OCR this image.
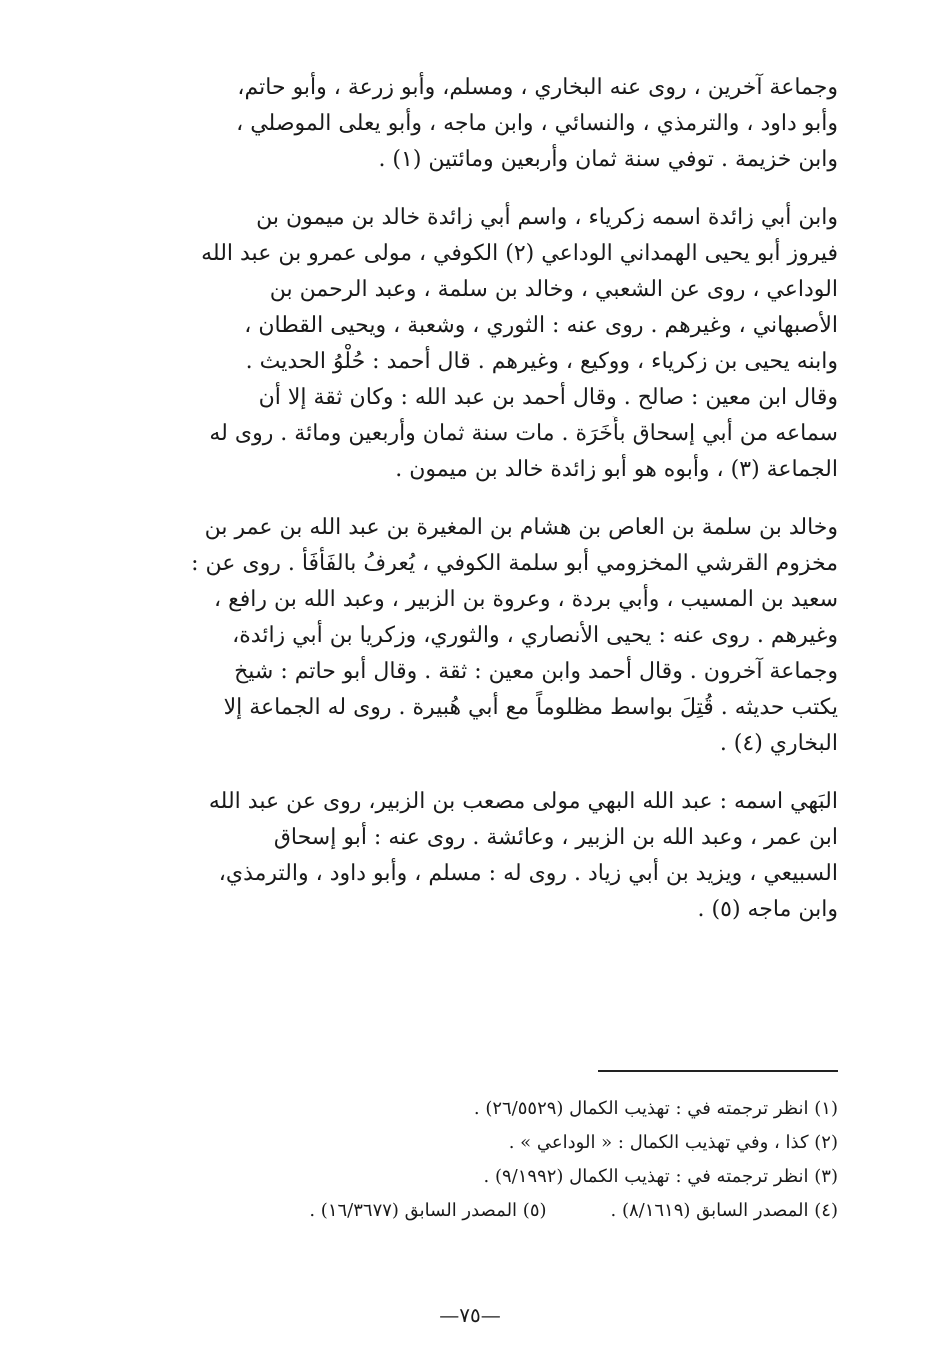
وجماعة آخرين ، روى عنه البخاري ، ومسلم، وأبو زرعة ، وأبو حاتم،
وأبو داود ، والترمذي ، والنسائي ، وابن ماجه ، وأبو يعلى الموصلي ،
وابن خزيمة . توفي سنة ثمان وأربعين ومائتين (١) .
وابن أبي زائدة اسمه زكرياء ، واسم أبي زائدة خالد بن ميمون بن
فيروز أبو يحيى الهمداني الوداعي (٢) الكوفي ، مولى عمرو بن عبد الله
الوداعي ، روى عن الشعبي ، وخالد بن سلمة ، وعبد الرحمن بن
الأصبهاني ، وغيرهم . روى عنه : الثوري ، وشعبة ، ويحيى القطان ،
وابنه يحيى بن زكرياء ، ووكيع ، وغيرهم . قال أحمد : حُلْوُ الحديث .
وقال ابن معين : صالح . وقال أحمد بن عبد الله : وكان ثقة إلا أن
سماعه من أبي إسحاق بأَخَرَة . مات سنة ثمان وأربعين ومائة . روى له
الجماعة (٣) ، وأبوه هو أبو زائدة خالد بن ميمون .
وخالد بن سلمة بن العاص بن هشام بن المغيرة بن عبد الله بن عمر بن
مخزوم القرشي المخزومي أبو سلمة الكوفي ، يُعرفُ بالفَأْفَأ . روى عن :
سعيد بن المسيب ، وأبي بردة ، وعروة بن الزبير ، وعبد الله بن رافع ،
وغيرهم . روى عنه : يحيى الأنصاري ، والثوري، وزكريا بن أبي زائدة،
وجماعة آخرون . وقال أحمد وابن معين : ثقة . وقال أبو حاتم : شيخ
يكتب حديثه . قُتِلَ بواسط مظلوماً مع أبي هُبيرة . روى له الجماعة إلا
البخاري (٤) .
البَهي اسمه : عبد الله البهي مولى مصعب بن الزبير، روى عن عبد الله
ابن عمر ، وعبد الله بن الزبير ، وعائشة . روى عنه : أبو إسحاق
السبيعي ، ويزيد بن أبي زياد . روى له : مسلم ، وأبو داود ، والترمذي،
وابن ماجه (٥) .
(١) انظر ترجمته في : تهذيب الكمال (٢٦/٥٥٢٩) .
(٢) كذا ، وفي تهذيب الكمال : « الوداعي » .
(٣) انظر ترجمته في : تهذيب الكمال (٩/١٩٩٢) .
(٤) المصدر السابق (٨/١٦١٩) .
(٥) المصدر السابق (١٦/٣٦٧٧) .
—٧٥—
